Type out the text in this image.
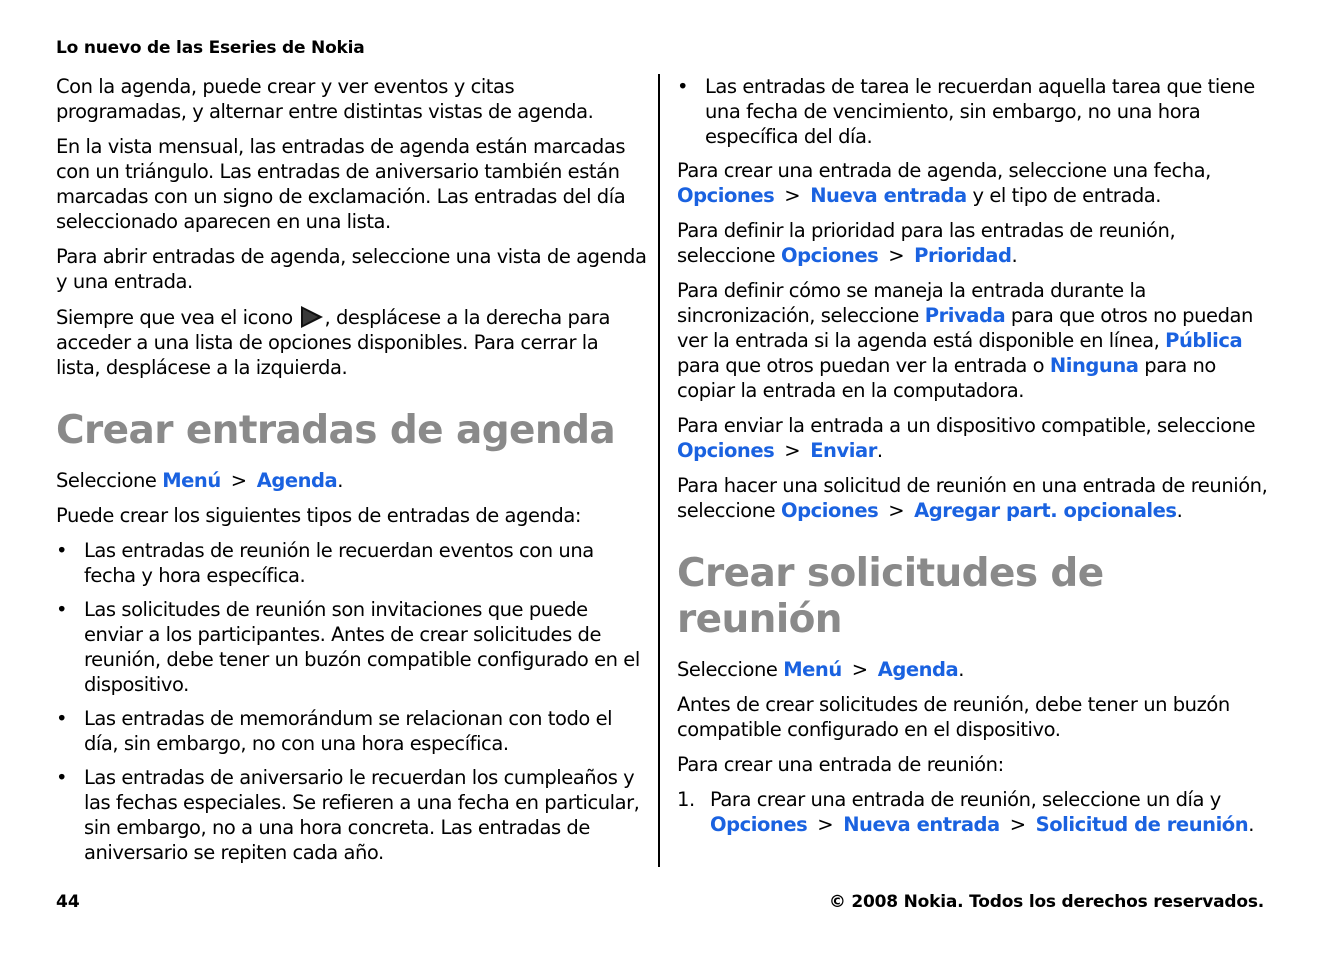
Lo nuevo de las Eseries de Nokia

Con la agenda, puede crear y ver eventos y citas programadas, y alternar entre distintas vistas de agenda.

En la vista mensual, las entradas de agenda están marcadas con un triángulo. Las entradas de aniversario también están marcadas con un signo de exclamación. Las entradas del día seleccionado aparecen en una lista.

Para abrir entradas de agenda, seleccione una vista de agenda y una entrada.

Siempre que vea el icono , desplácese a la derecha para acceder a una lista de opciones disponibles. Para cerrar la lista, desplácese a la izquierda.

Crear entradas de agenda

Seleccione Menú > Agenda.

Puede crear los siguientes tipos de entradas de agenda:

• Las entradas de reunión le recuerdan eventos con una fecha y hora específica.
• Las solicitudes de reunión son invitaciones que puede enviar a los participantes. Antes de crear solicitudes de reunión, debe tener un buzón compatible configurado en el dispositivo.
• Las entradas de memorándum se relacionan con todo el día, sin embargo, no con una hora específica.
• Las entradas de aniversario le recuerdan los cumpleaños y las fechas especiales. Se refieren a una fecha en particular, sin embargo, no a una hora concreta. Las entradas de aniversario se repiten cada año.
• Las entradas de tarea le recuerdan aquella tarea que tiene una fecha de vencimiento, sin embargo, no una hora específica del día.

Para crear una entrada de agenda, seleccione una fecha, Opciones > Nueva entrada y el tipo de entrada.

Para definir la prioridad para las entradas de reunión, seleccione Opciones > Prioridad.

Para definir cómo se maneja la entrada durante la sincronización, seleccione Privada para que otros no puedan ver la entrada si la agenda está disponible en línea, Pública para que otros puedan ver la entrada o Ninguna para no copiar la entrada en la computadora.

Para enviar la entrada a un dispositivo compatible, seleccione Opciones > Enviar.

Para hacer una solicitud de reunión en una entrada de reunión, seleccione Opciones > Agregar part. opcionales.

Crear solicitudes de reunión

Seleccione Menú > Agenda.

Antes de crear solicitudes de reunión, debe tener un buzón compatible configurado en el dispositivo.

Para crear una entrada de reunión:

1. Para crear una entrada de reunión, seleccione un día y Opciones > Nueva entrada > Solicitud de reunión.
44	© 2008 Nokia. Todos los derechos reservados.
